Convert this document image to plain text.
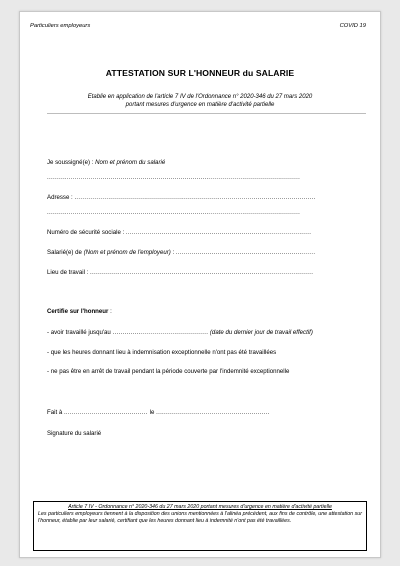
Particuliers employeurs	COVID 19
ATTESTATION SUR L'HONNEUR du SALARIE
Etablie en application de l'article 7 IV de l'Ordonnance n° 2020-346 du 27 mars 2020
portant mesures d'urgence en matière d'activité partielle
Je soussigné(e) : Nom et prénom du salarié
...............................................................................................................................
Adresse : .........................................................................................................................
...............................................................................................................................
Numéro de sécurité sociale : .............................................................................................
Salarié(e) de (Nom et prénom de l'employeur) : ......................................................................
Lieu de travail : ................................................................................................................
Certifie sur l'honneur :
- avoir travaillé jusqu'au ................................................ (date du dernier jour de travail effectif)
- que les heures donnant lieu à indemnisation exceptionnelle n'ont pas été travaillées
- ne pas être en arrêt de travail pendant la période couverte par l'indemnité exceptionnelle
Fait à .......................................... le .........................................................
Signature du salarié
Article 7 IV - Ordonnance n° 2020-346 du 27 mars 2020 portant mesures d'urgence en matière d'activité partielle
Les particuliers employeurs tiennent à la disposition des unions mentionnées à l'alinéa précédent, aux fins de contrôle, une attestation sur l'honneur, établie par leur salarié, certifiant que les heures donnant lieu à indemnité n'ont pas été travaillées.
